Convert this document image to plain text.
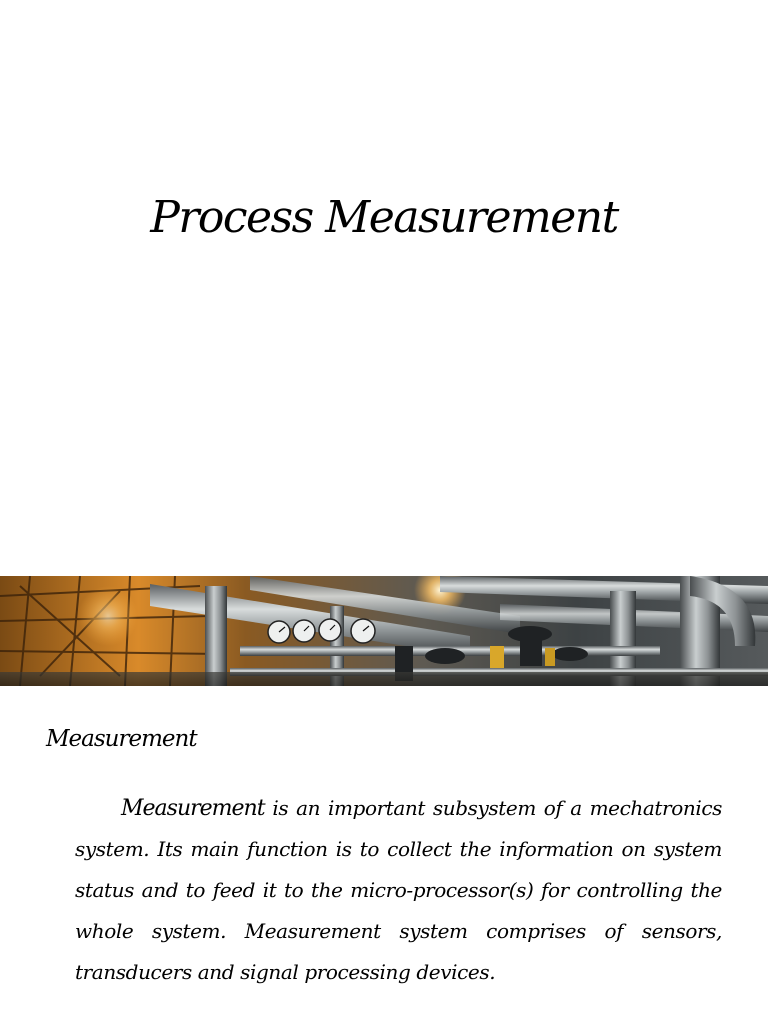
Process Measurement
Measurement

Measurement is an important subsystem of a mechatronics system. Its main function is to collect the information on system status and to feed it to the micro-processor(s) for controlling the whole system. Measurement system comprises of sensors, transducers and signal processing devices.
